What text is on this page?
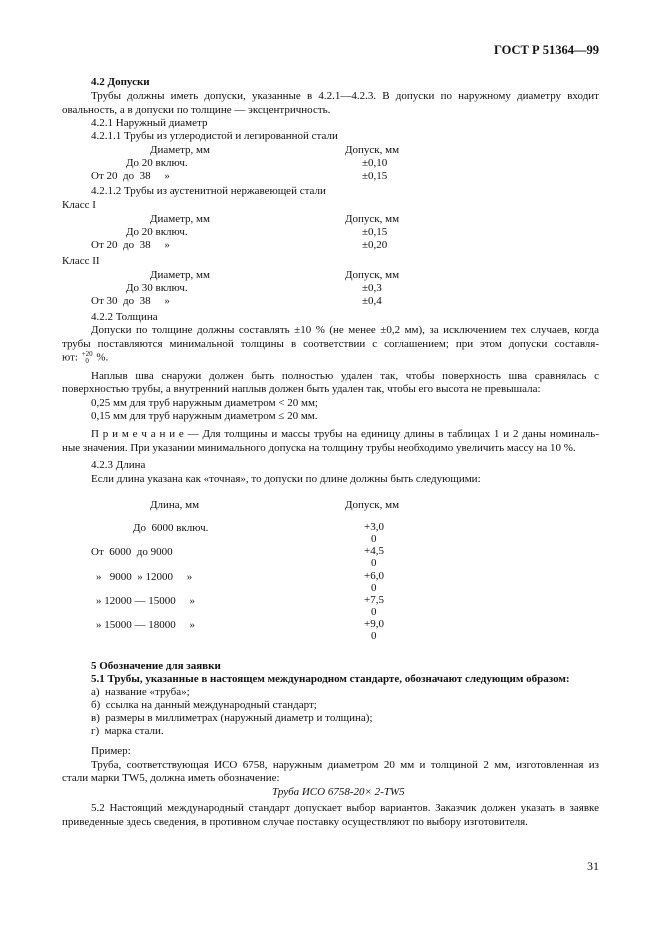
ГОСТ Р 51364—99
4.2 Допуски
Трубы должны иметь допуски, указанные в 4.2.1—4.2.3. В допуски по наружному диаметру входит
овальность, а в допуски по толщине — эксцентричность.
4.2.1 Наружный диаметр
4.2.1.1 Трубы из углеродистой и легированной стали
Диаметр, мм	Допуск, мм
До 20 включ.	±0,10
От 20  до  38     »	±0,15
4.2.1.2 Трубы из аустенитной нержавеющей стали
Класс I
Диаметр, мм	Допуск, мм
До 20 включ.	±0,15
От 20  до  38     »	±0,20
Класс II
Диаметр, мм	Допуск, мм
До 30 включ.	±0,3
От 30  до  38     »	±0,4
4.2.2 Толщина
Допуски по толщине должны составлять ±10 % (не менее ±0,2 мм), за исключением тех случаев, когда
трубы поставляются минимальной толщины в соответствии с соглашением; при этом допуски составля-
ют: +20
0 %.
Наплыв шва снаружи должен быть полностью удален так, чтобы поверхность шва сравнялась с
поверхностью трубы, а внутренний наплыв должен быть удален так, чтобы его высота не превышала:
0,25 мм для труб наружным диаметром < 20 мм;
0,15 мм для труб наружным диаметром ≤ 20 мм.
П р и м е ч а н и е — Для толщины и массы трубы на единицу длины в таблицах 1 и 2 даны номиналь-
ные значения. При указании минимального допуска на толщину трубы необходимо увеличить массу на 10 %.
4.2.3 Длина
Если длина указана как «точная», то допуски по длине должны быть следующими:
Длина, мм	Допуск, мм
До  6000 включ.	+3,0
0
От  6000  до 9000	+4,5
0
»   9000  » 12000     »	+6,0
0
» 12000 — 15000     »	+7,5
0
» 15000 — 18000     »	+9,0
0
5 Обозначение для заявки
5.1 Трубы, указанные в настоящем международном стандарте, обозначают следующим образом:
а)  название «труба»;
б)  ссылка на данный международный стандарт;
в)  размеры в миллиметрах (наружный диаметр и толщина);
г)  марка стали.
Пример:
Труба, соответствующая ИСО 6758, наружным диаметром 20 мм и толщиной 2 мм, изготовленная из
стали марки TW5, должна иметь обозначение:
Труба ИСО 6758-20× 2-TW5
5.2 Настоящий международный стандарт допускает выбор вариантов. Заказчик должен указать в заявке
приведенные здесь сведения, в противном случае поставку осуществляют по выбору изготовителя.
31
